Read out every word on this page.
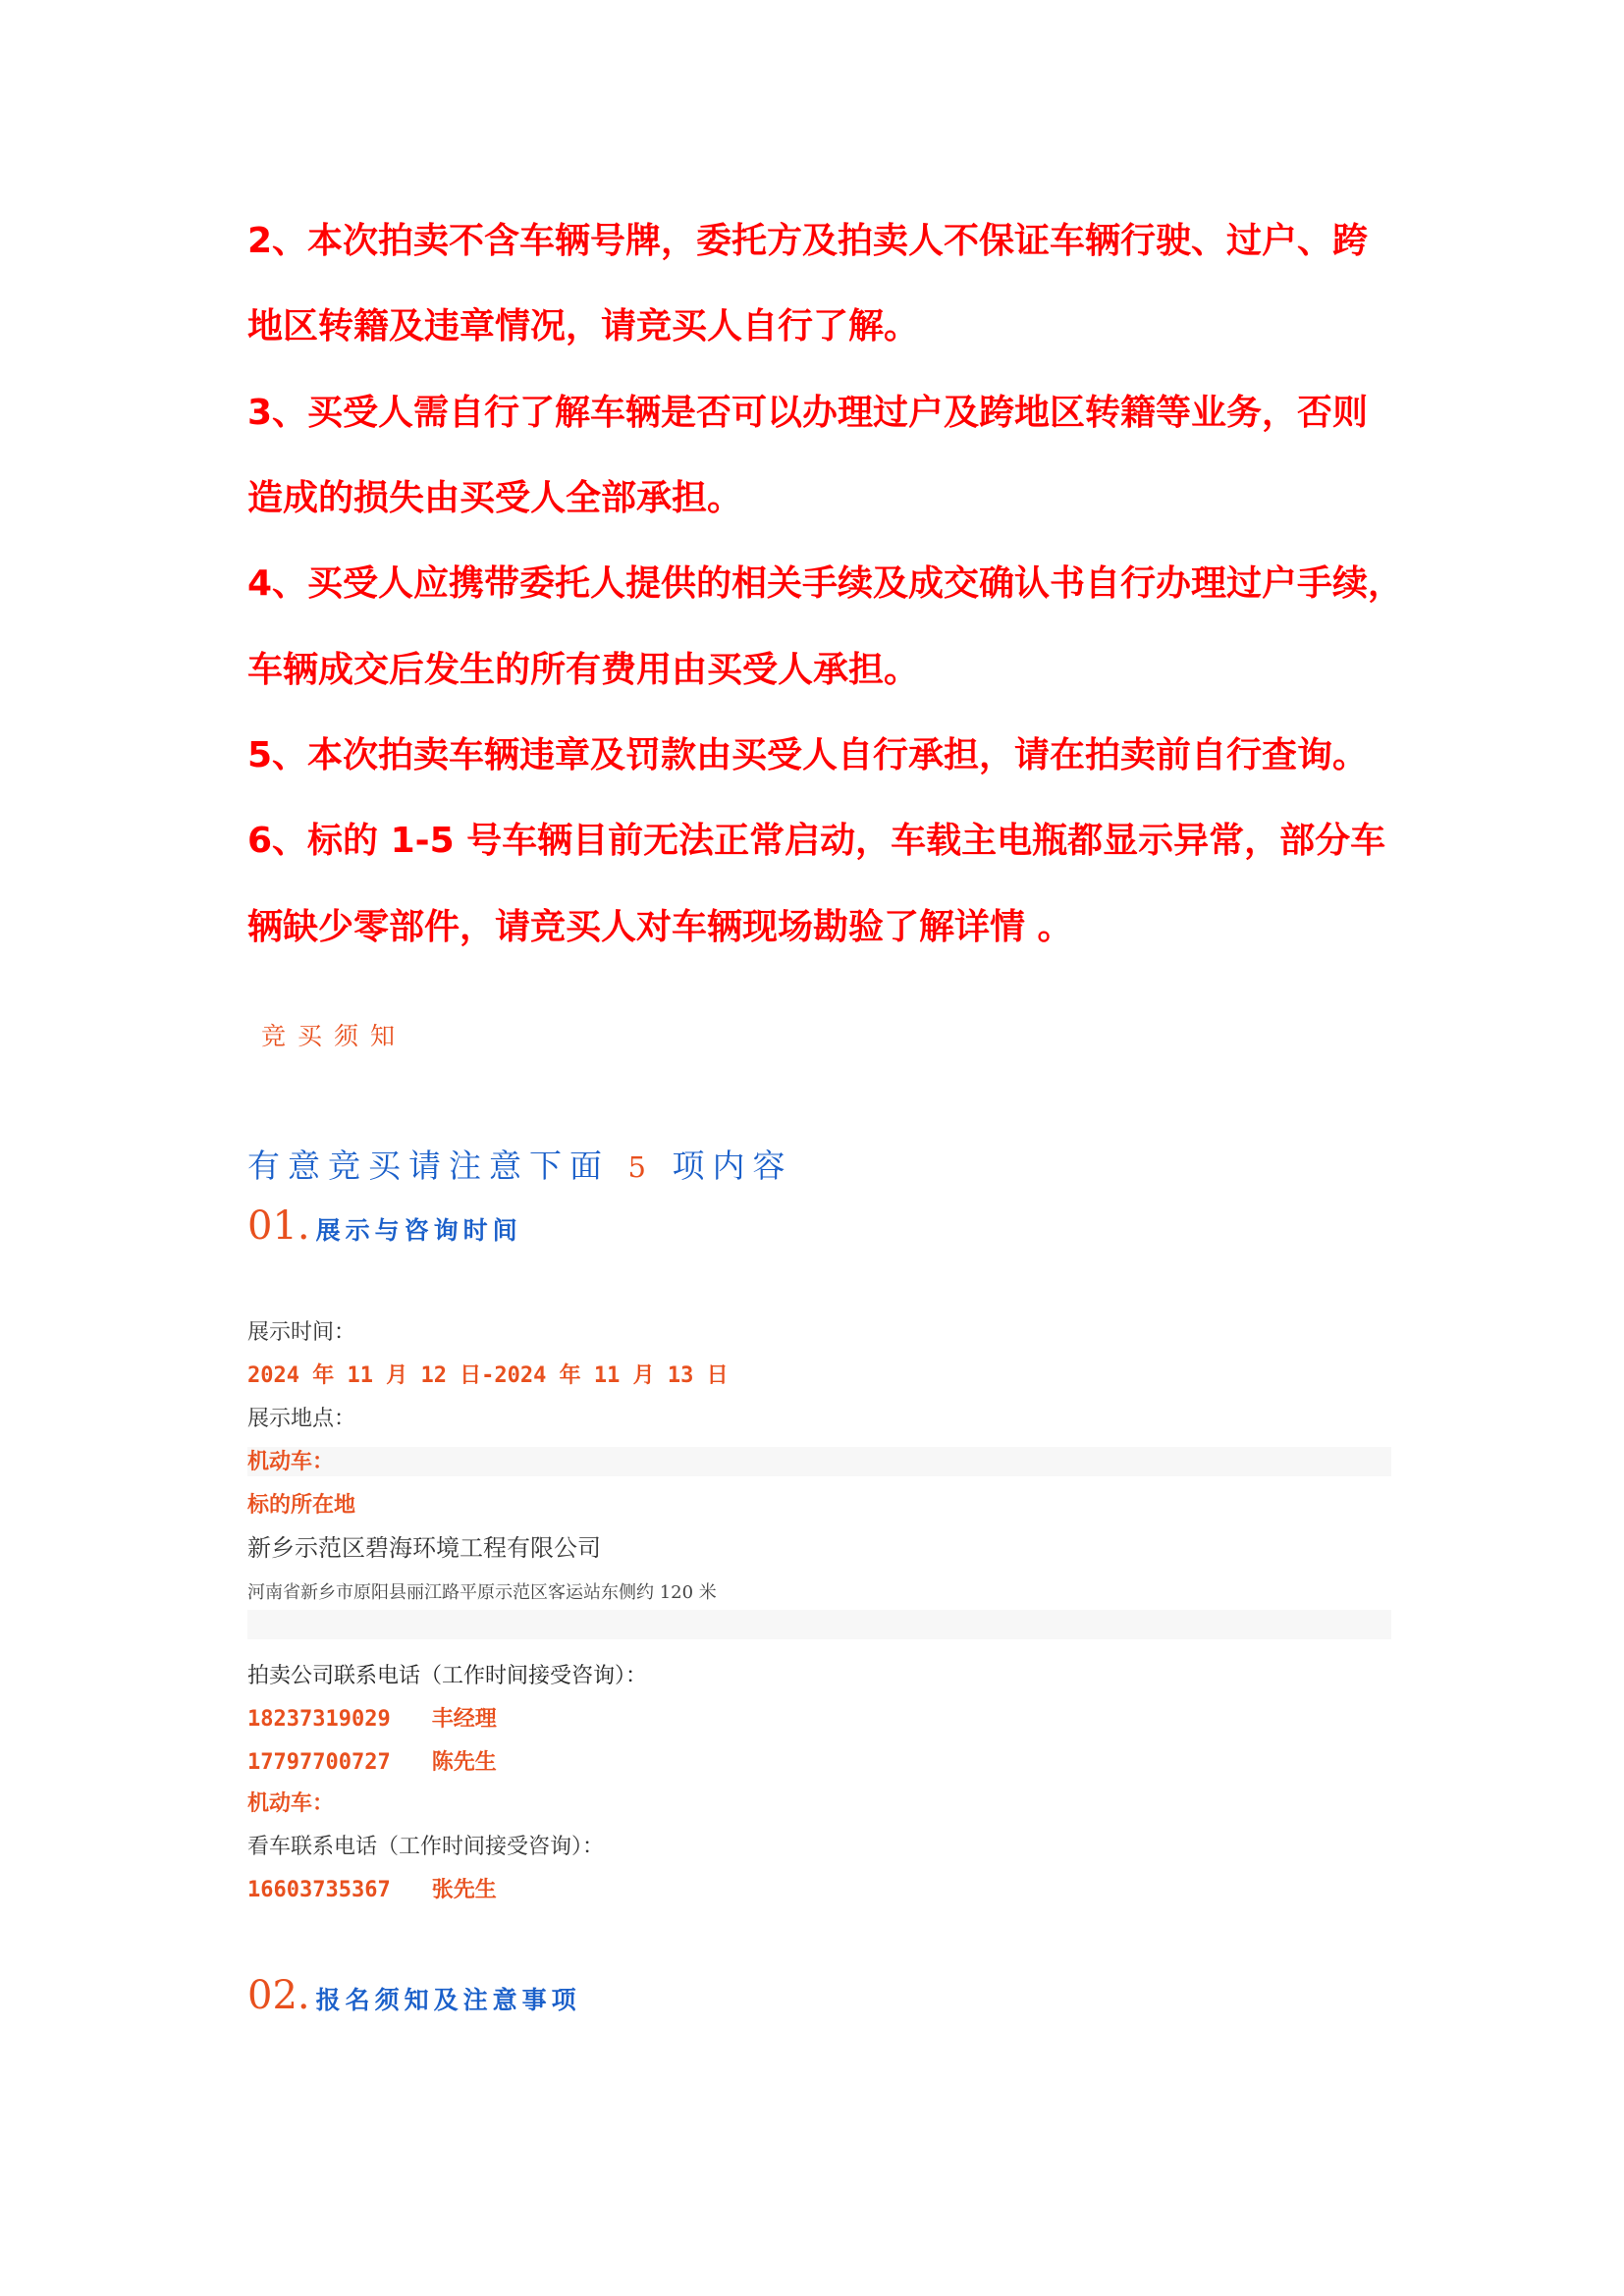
2、本次拍卖不含车辆号牌，委托方及拍卖人不保证车辆行驶、过户、跨

地区转籍及违章情况，请竞买人自行了解。

3、买受人需自行了解车辆是否可以办理过户及跨地区转籍等业务，否则

造成的损失由买受人全部承担。

4、买受人应携带委托人提供的相关手续及成交确认书自行办理过户手续，

车辆成交后发生的所有费用由买受人承担。

5、本次拍卖车辆违章及罚款由买受人自行承担，请在拍卖前自行查询。

6、标的 1-5 号车辆目前无法正常启动，车载主电瓶都显示异常，部分车

辆缺少零部件，请竞买人对车辆现场勘验了解详情 。

竞买须知

有意竞买请注意下面 5 项内容

01. 展示与咨询时间

展示时间：

2024 年 11 月 12 日-2024 年 11 月 13 日

展示地点：

机动车：

标的所在地

新乡示范区碧海环境工程有限公司

河南省新乡市原阳县丽江路平原示范区客运站东侧约 120 米

拍卖公司联系电话（工作时间接受咨询）：

18237319029 丰经理

17797700727 陈先生

机动车：

看车联系电话（工作时间接受咨询）：

16603735367 张先生

02. 报名须知及注意事项
